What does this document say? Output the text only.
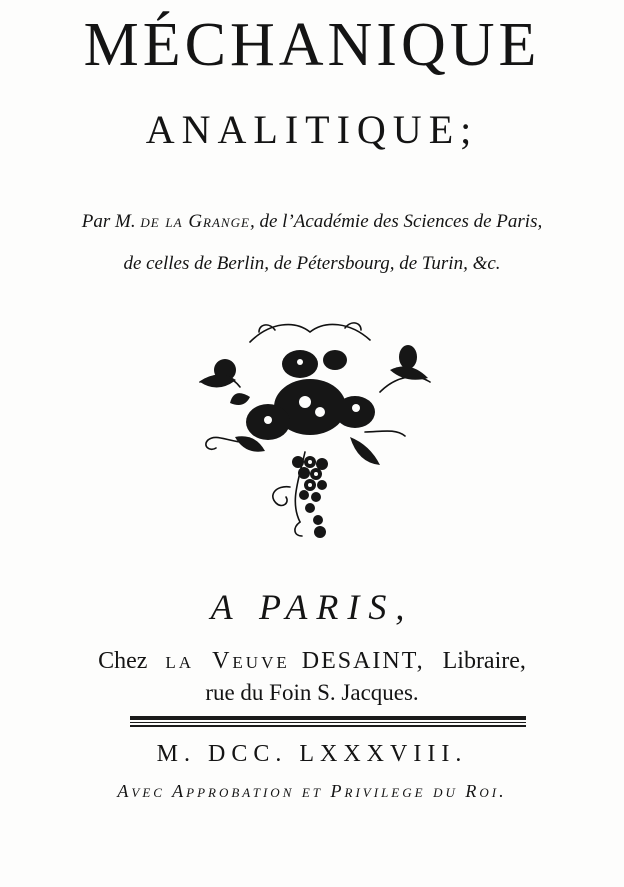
MÉCHANIQUE
ANALITIQUE;
Par M. de la Grange, de l’Académie des Sciences de Paris,
de celles de Berlin, de Pétersbourg, de Turin, &c.
A PARIS,
Chez la Veuve DESAINT, Libraire,
rue du Foin S. Jacques.
M. DCC. LXXXVIII.
Avec Approbation et Privilege du Roi.
